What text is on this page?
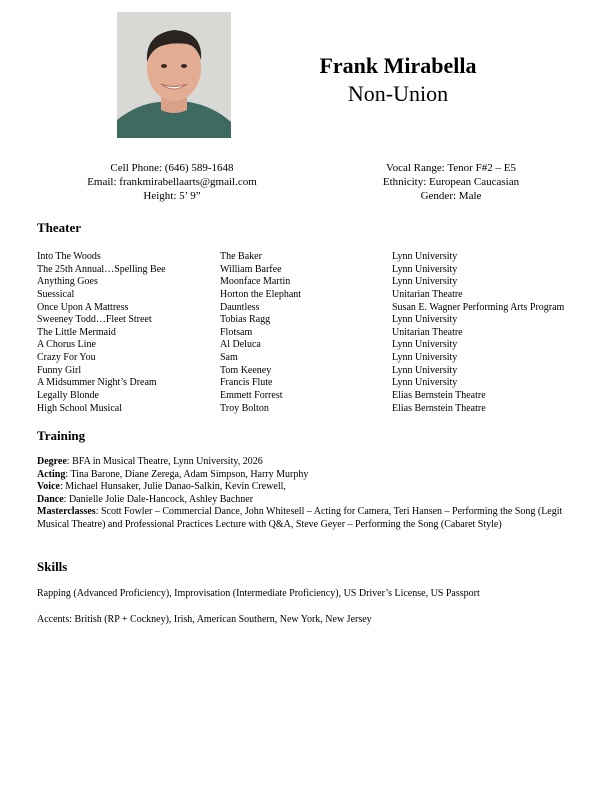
Frank Mirabella
Non-Union
Cell Phone: (646) 589-1648
Email: frankmirabellaarts@gmail.com
Height: 5’ 9”
Vocal Range: Tenor F#2 – E5
Ethnicity: European Caucasian
Gender: Male
Theater
Into The Woods	The Baker	Lynn University
The 25th Annual…Spelling Bee	William Barfee	Lynn University
Anything Goes	Moonface Martin	Lynn University
Suessical	Horton the Elephant	Unitarian Theatre
Once Upon A Mattress	Dauntless	Susan E. Wagner Performing Arts Program
Sweeney Todd…Fleet Street	Tobias Ragg	Lynn University
The Little Mermaid	Flotsam	Unitarian Theatre
A Chorus Line	Al Deluca	Lynn University
Crazy For You	Sam	Lynn University
Funny Girl	Tom Keeney	Lynn University
A Midsummer Night’s Dream	Francis Flute	Lynn University
Legally Blonde	Emmett Forrest	Elias Bernstein Theatre
High School Musical	Troy Bolton	Elias Bernstein Theatre
Training
Degree: BFA in Musical Theatre, Lynn University, 2026
Acting: Tina Barone, Diane Zerega, Adam Simpson, Harry Murphy
Voice: Michael Hunsaker, Julie Danao-Salkin, Kevin Crewell,
Dance: Danielle Jolie Dale-Hancock, Ashley Bachner
Masterclasses: Scott Fowler – Commercial Dance, John Whitesell – Acting for Camera, Teri Hansen – Performing the Song (Legit Musical Theatre) and Professional Practices Lecture with Q&A, Steve Geyer – Performing the Song (Cabaret Style)
Skills
Rapping (Advanced Proficiency), Improvisation (Intermediate Proficiency), US Driver’s License, US Passport
Accents: British (RP + Cockney), Irish, American Southern, New York, New Jersey
